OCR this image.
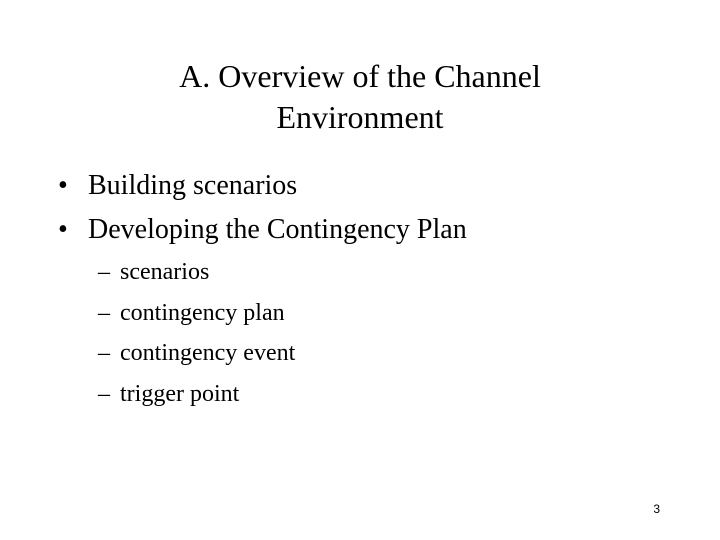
A. Overview of the Channel
Environment
• Building scenarios
• Developing the Contingency Plan
– scenarios
– contingency plan
– contingency event
– trigger point
3
